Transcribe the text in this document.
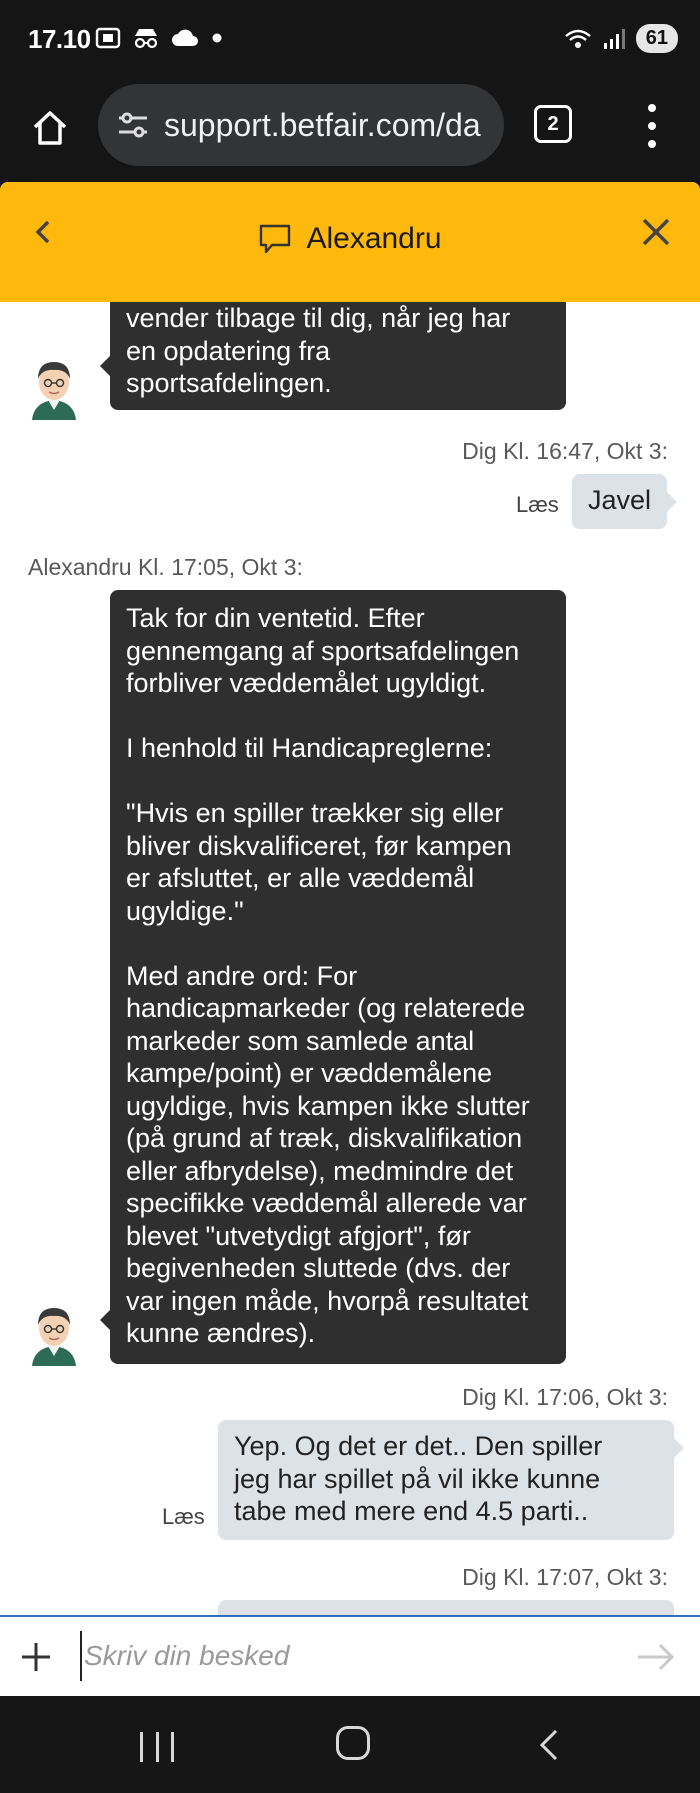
17.10	61
support.betfair.com/da	2
Alexandru

vender tilbage til dig, når jeg har

en opdatering fra

sportsafdelingen.

Dig Kl. 16:47, Okt 3:
Læs Javel

Alexandru Kl. 17:05, Okt 3:

Tak for din ventetid. Efter

gennemgang af sportsafdelingen

forbliver væddemålet ugyldigt.

I henhold til Handicapreglerne:

"Hvis en spiller trækker sig eller

bliver diskvalificeret, før kampen

er afsluttet, er alle væddemål

ugyldige."

Med andre ord: For

handicapmarkeder (og relaterede

markeder som samlede antal

kampe/point) er væddemålene

ugyldige, hvis kampen ikke slutter

(på grund af træk, diskvalifikation

eller afbrydelse), medmindre det

specifikke væddemål allerede var

blevet "utvetydigt afgjort", før

begivenheden sluttede (dvs. der

var ingen måde, hvorpå resultatet

kunne ændres).

Dig Kl. 17:06, Okt 3:
Læs

Yep. Og det er det.. Den spiller

jeg har spillet på vil ikke kunne

tabe med mere end 4.5 parti..

Dig Kl. 17:07, Okt 3:
Skriv din besked
